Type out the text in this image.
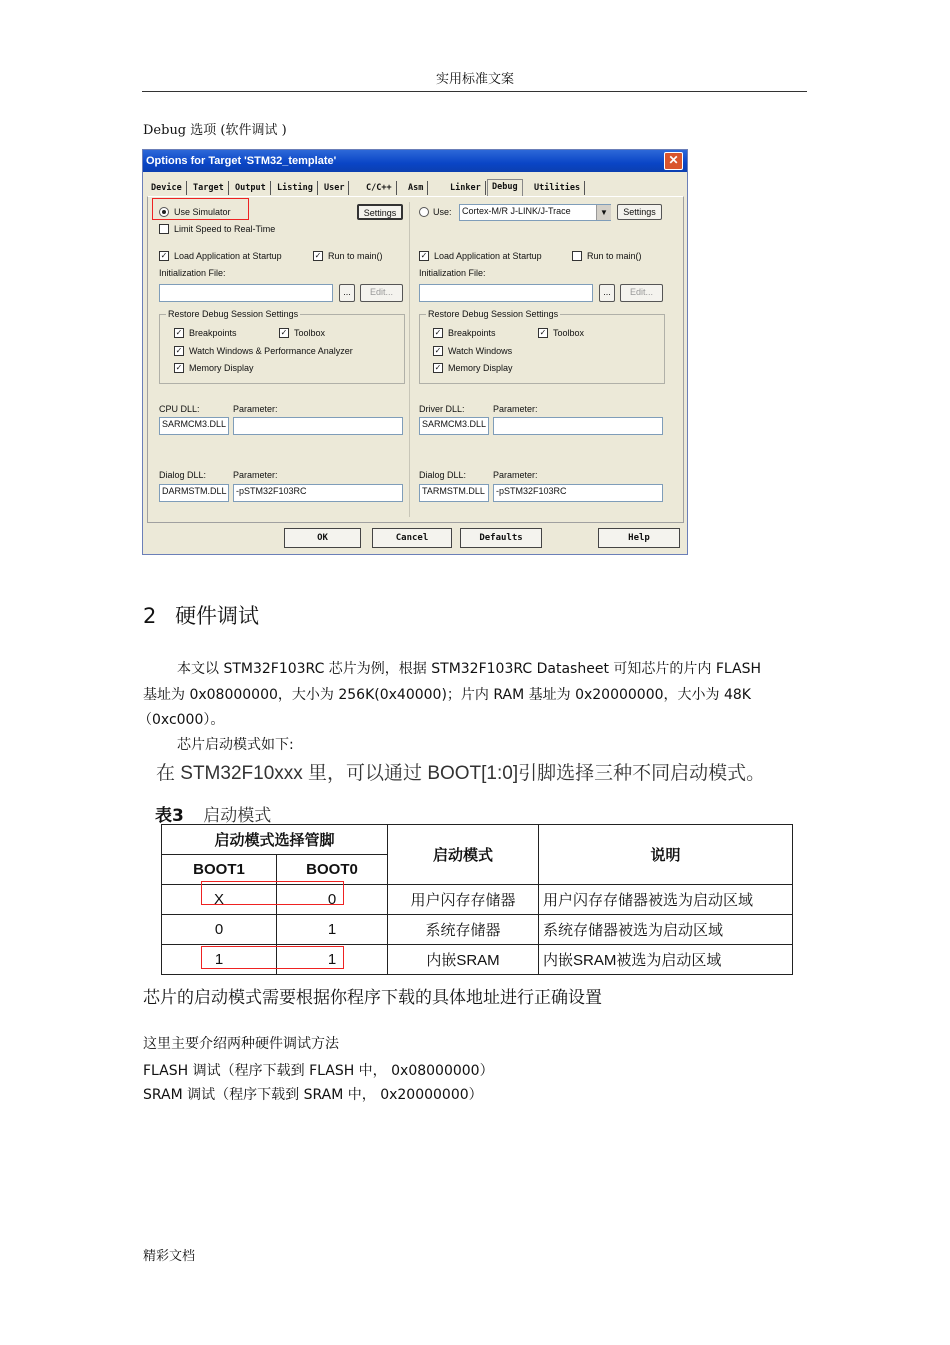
实用标准文案
Debug 选项 (软件调试 )
Options for Target 'STM32_template'	✕
Device	Target	Output	Listing	User	C/C++	Asm	Linker	Debug	Utilities
Use Simulator
Limit Speed to Real-Time
Settings
✓ Load Application at Startup	✓ Run to main()
Initialization File:
...	Edit...
Restore Debug Session Settings
✓ Breakpoints	✓ Toolbox
✓ Watch Windows & Performance Analyzer
✓ Memory Display
CPU DLL:	Parameter:
SARMCM3.DLL
Dialog DLL:	Parameter:
DARMSTM.DLL	-pSTM32F103RC
Use:	Cortex-M/R J-LINK/J-Trace	▼	Settings
✓ Load Application at Startup	Run to main()
Initialization File:
...	Edit...
Restore Debug Session Settings
✓ Breakpoints	✓ Toolbox
✓ Watch Windows
✓ Memory Display
Driver DLL:	Parameter:
SARMCM3.DLL
Dialog DLL:	Parameter:
TARMSTM.DLL	-pSTM32F103RC
OK	Cancel	Defaults	Help
2 硬件调试
本文以 STM32F103RC 芯片为例，根据 STM32F103RC Datasheet 可知芯片的片内 FLASH
基址为 0x08000000，大小为 256K(0x40000)；片内 RAM 基址为 0x20000000，大小为 48K
（0xc000）。
芯片启动模式如下:
在 STM32F10xxx 里，可以通过 BOOT[1:0]引脚选择三种不同启动模式。
表3 启动模式
启动模式选择管脚		启动模式	说明
BOOT1	BOOT0		
X	0	用户闪存存储器	用户闪存存储器被选为启动区域
0	1	系统存储器	系统存储器被选为启动区域
1	1	内嵌SRAM	内嵌SRAM被选为启动区域
芯片的启动模式需要根据你程序下载的具体地址进行正确设置
这里主要介绍两种硬件调试方法
FLASH 调试（程序下载到 FLASH 中， 0x08000000）
SRAM 调试（程序下载到 SRAM 中， 0x20000000）
精彩文档
